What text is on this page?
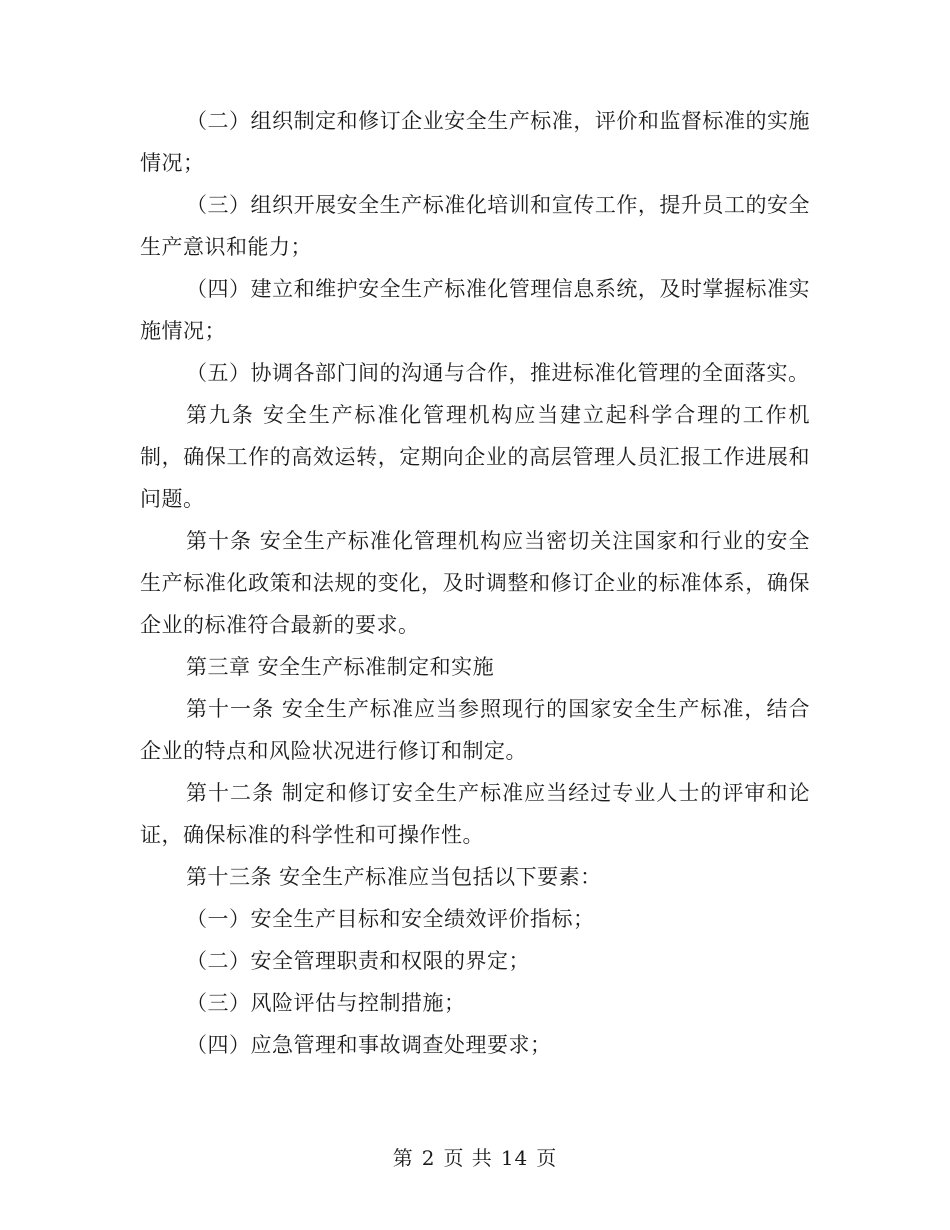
（二）组织制定和修订企业安全生产标准，评价和监督标准的实施情况；

（三）组织开展安全生产标准化培训和宣传工作，提升员工的安全生产意识和能力；

（四）建立和维护安全生产标准化管理信息系统，及时掌握标准实施情况；

（五）协调各部门间的沟通与合作，推进标准化管理的全面落实。

第九条 安全生产标准化管理机构应当建立起科学合理的工作机制，确保工作的高效运转，定期向企业的高层管理人员汇报工作进展和问题。

第十条 安全生产标准化管理机构应当密切关注国家和行业的安全生产标准化政策和法规的变化，及时调整和修订企业的标准体系，确保企业的标准符合最新的要求。

第三章 安全生产标准制定和实施

第十一条 安全生产标准应当参照现行的国家安全生产标准，结合企业的特点和风险状况进行修订和制定。

第十二条 制定和修订安全生产标准应当经过专业人士的评审和论证，确保标准的科学性和可操作性。

第十三条 安全生产标准应当包括以下要素：

（一）安全生产目标和安全绩效评价指标；

（二）安全管理职责和权限的界定；

（三）风险评估与控制措施；

（四）应急管理和事故调查处理要求；

第 2 页 共 14 页
